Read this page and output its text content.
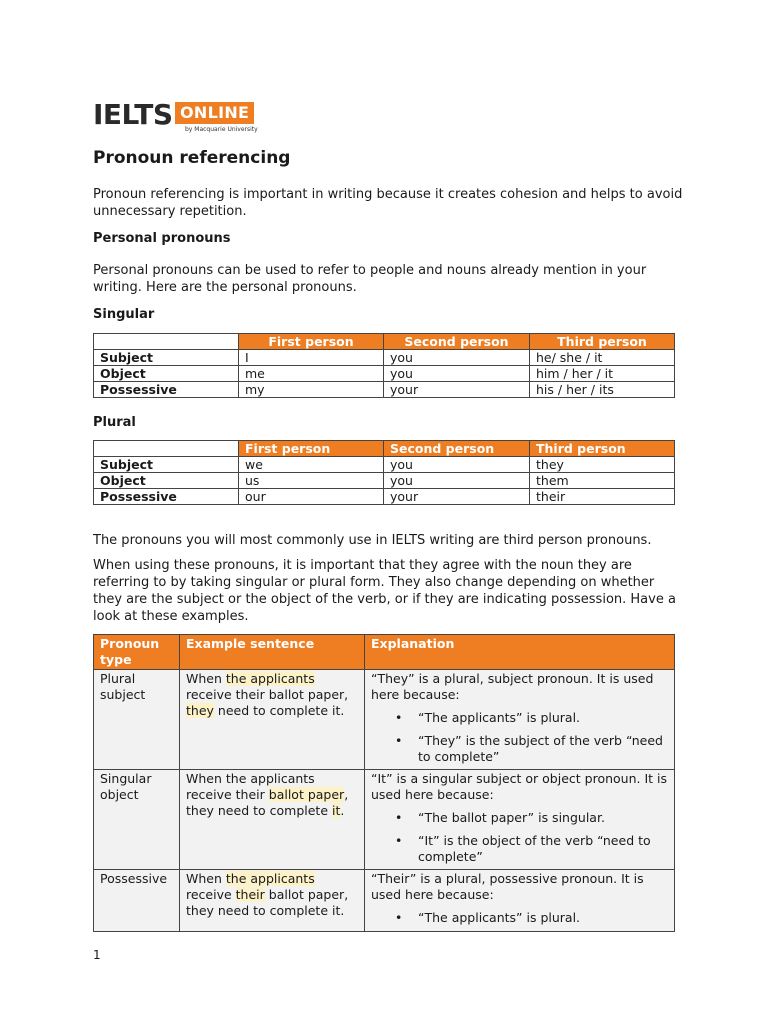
IELTS ONLINE
by Macquarie University
Pronoun referencing

Pronoun referencing is important in writing because it creates cohesion and helps to avoid unnecessary repetition.

Personal pronouns

Personal pronouns can be used to refer to people and nouns already mention in your writing. Here are the personal pronouns.

Singular

	First person	Second person	Third person
Subject	I	you	he/ she / it
Object	me	you	him / her / it
Possessive	my	your	his / her / its

Plural

	First person	Second person	Third person
Subject	we	you	they
Object	us	you	them
Possessive	our	your	their

The pronouns you will most commonly use in IELTS writing are third person pronouns.

When using these pronouns, it is important that they agree with the noun they are referring to by taking singular or plural form. They also change depending on whether they are the subject or the object of the verb, or if they are indicating possession. Have a look at these examples.

Pronoun type	Example sentence	Explanation
Plural subject	When the applicants receive their ballot paper, they need to complete it.	“They” is a plural, subject pronoun. It is used here because:
• “The applicants” is plural.
• “They” is the subject of the verb “need to complete”

Singular object	When the applicants receive their ballot paper, they need to complete it.	“It” is a singular subject or object pronoun. It is used here because:
• “The ballot paper” is singular.
• “It” is the object of the verb “need to complete”

Possessive	When the applicants receive their ballot paper, they need to complete it.	“Their” is a plural, possessive pronoun. It is used here because:
• “The applicants” is plural.
1
